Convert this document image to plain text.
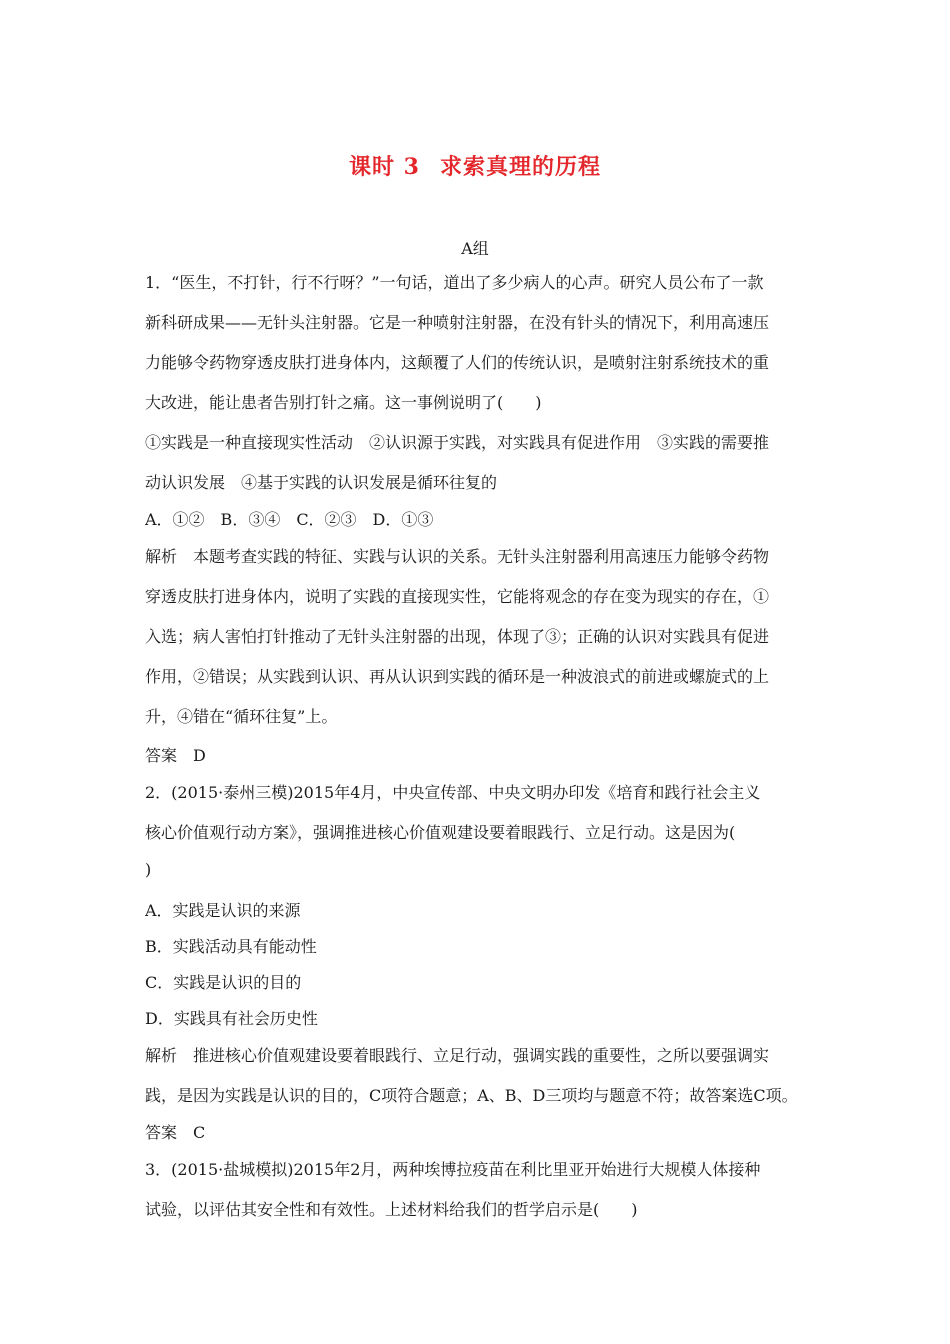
课时 3 求索真理的历程
A组
1．“医生，不打针，行不行呀？”一句话，道出了多少病人的心声。研究人员公布了一款
新科研成果——无针头注射器。它是一种喷射注射器，在没有针头的情况下，利用高速压
力能够令药物穿透皮肤打进身体内，这颠覆了人们的传统认识，是喷射注射系统技术的重
大改进，能让患者告别打针之痛。这一事例说明了(　　)
①实践是一种直接现实性活动　②认识源于实践，对实践具有促进作用　③实践的需要推
动认识发展　④基于实践的认识发展是循环往复的
A．①②　B．③④　C．②③　D．①③
解析　本题考查实践的特征、实践与认识的关系。无针头注射器利用高速压力能够令药物
穿透皮肤打进身体内，说明了实践的直接现实性，它能将观念的存在变为现实的存在，①
入选；病人害怕打针推动了无针头注射器的出现，体现了③；正确的认识对实践具有促进
作用，②错误；从实践到认识、再从认识到实践的循环是一种波浪式的前进或螺旋式的上
升，④错在“循环往复”上。
答案　D
2．(2015·泰州三模)2015年4月，中央宣传部、中央文明办印发《培育和践行社会主义
核心价值观行动方案》，强调推进核心价值观建设要着眼践行、立足行动。这是因为(
)
A．实践是认识的来源
B．实践活动具有能动性
C．实践是认识的目的
D．实践具有社会历史性
解析　推进核心价值观建设要着眼践行、立足行动，强调实践的重要性，之所以要强调实
践，是因为实践是认识的目的，C项符合题意；A、B、D三项均与题意不符；故答案选C项。
答案　C
3．(2015·盐城模拟)2015年2月，两种埃博拉疫苗在利比里亚开始进行大规模人体接种
试验，以评估其安全性和有效性。上述材料给我们的哲学启示是(　　)
